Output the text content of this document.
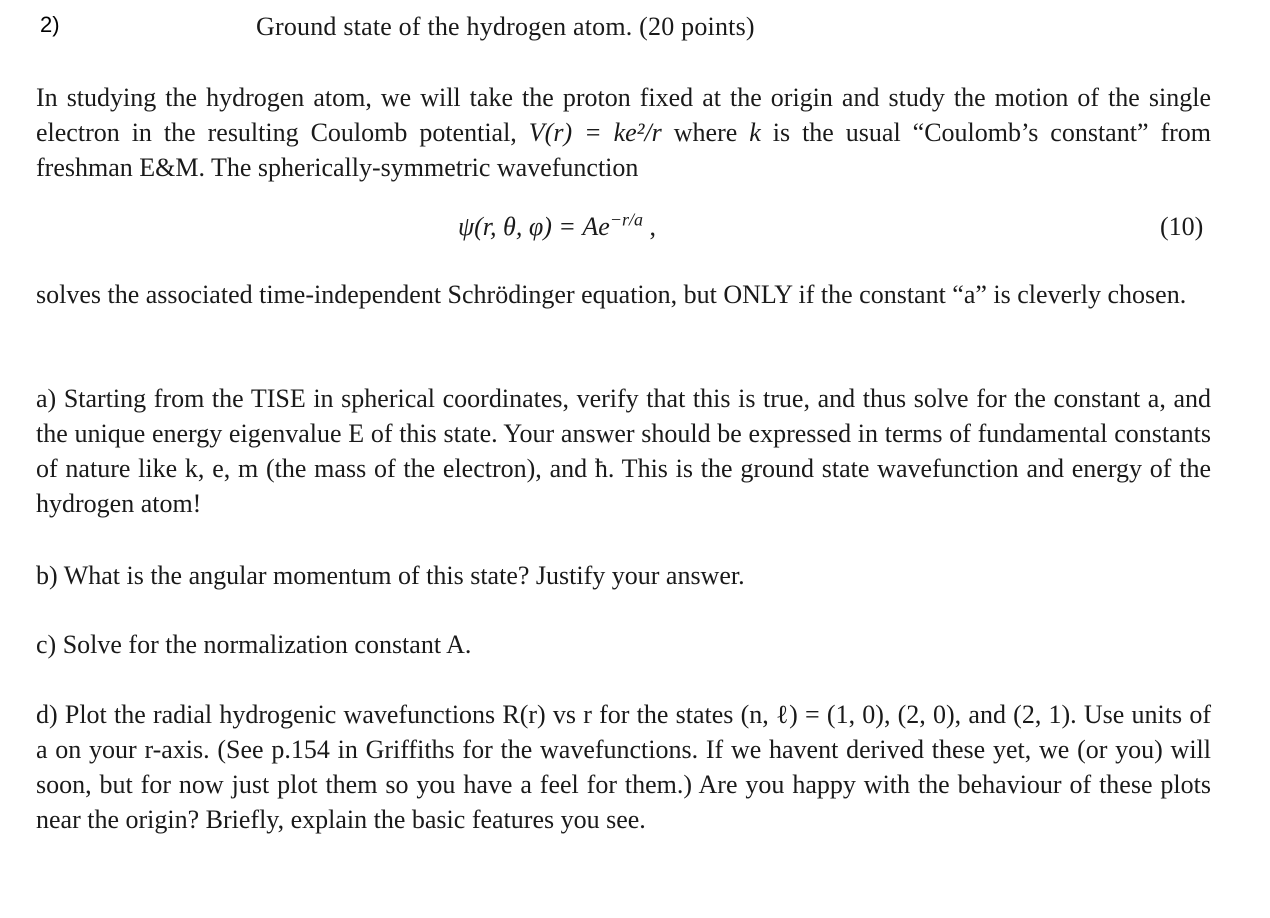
2)	Ground state of the hydrogen atom. (20 points)

In studying the hydrogen atom, we will take the proton fixed at the origin and study the motion of the single electron in the resulting Coulomb potential, V(r) = ke²/r where k is the usual “Coulomb’s constant” from freshman E&M. The spherically-symmetric wavefunction

ψ(r, θ, $\varphi) = Ae^{-r/a}$ ,	(10)

solves the associated time-independent Schrödinger equation, but ONLY if the constant “a” is cleverly chosen.

a) Starting from the TISE in spherical coordinates, verify that this is true, and thus solve for the constant a, and the unique energy eigenvalue E of this state. Your answer should be expressed in terms of fundamental constants of nature like k, e, m (the mass of the electron), and ħ. This is the ground state wavefunction and energy of the hydrogen atom!

b) What is the angular momentum of this state? Justify your answer.

c) Solve for the normalization constant A.

d) Plot the radial hydrogenic wavefunctions R(r) vs r for the states (n, ℓ) = (1, 0), (2, 0), and (2, 1). Use units of a on your r-axis. (See p.154 in Griffiths for the wavefunctions. If we havent derived these yet, we (or you) will soon, but for now just plot them so you have a feel for them.) Are you happy with the behaviour of these plots near the origin? Briefly, explain the basic features you see.
